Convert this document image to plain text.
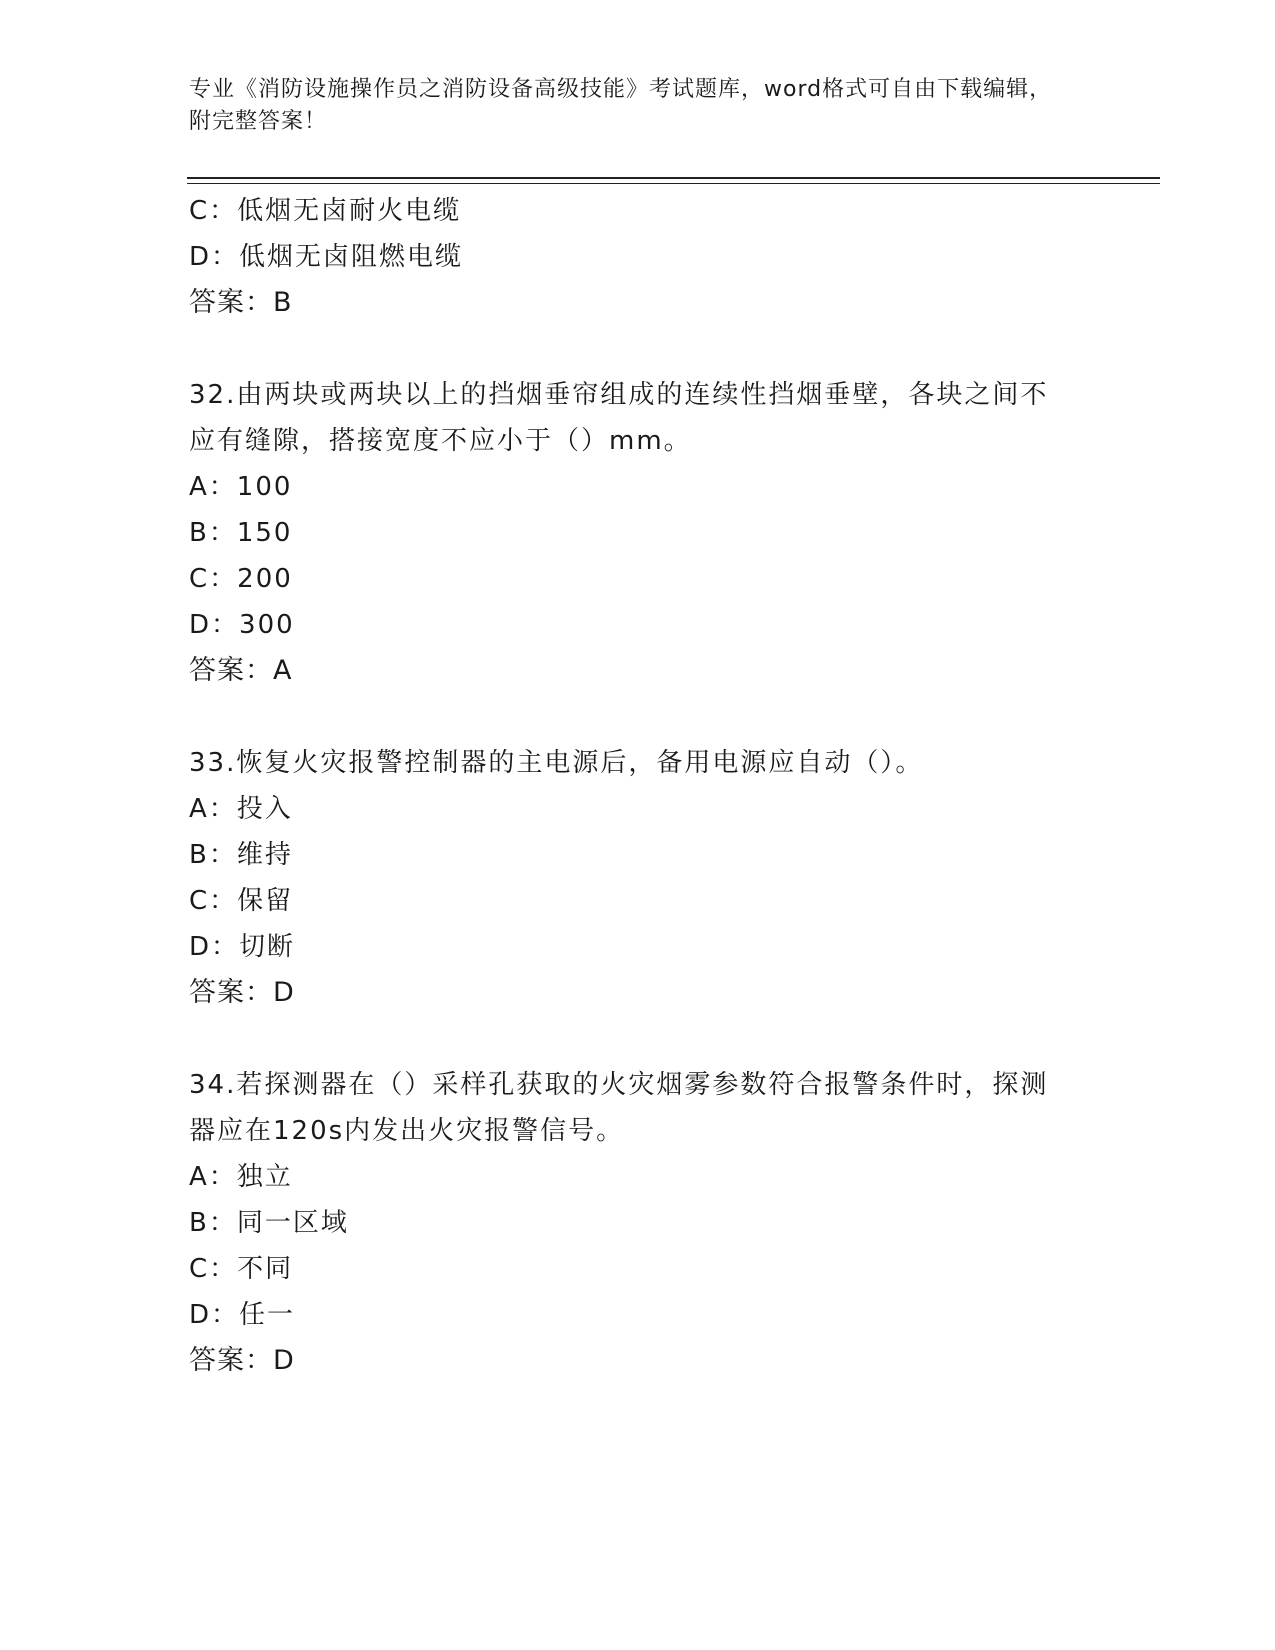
专业《消防设施操作员之消防设备高级技能》考试题库，word格式可自由下载编辑，附完整答案！
C：低烟无卤耐火电缆
D：低烟无卤阻燃电缆
答案：B
32.由两块或两块以上的挡烟垂帘组成的连续性挡烟垂壁，各块之间不
应有缝隙，搭接宽度不应小于（）mm。
A：100
B：150
C：200
D：300
答案：A
33.恢复火灾报警控制器的主电源后，备用电源应自动（）。
A：投入
B：维持
C：保留
D：切断
答案：D
34.若探测器在（）采样孔获取的火灾烟雾参数符合报警条件时，探测
器应在120s内发出火灾报警信号。
A：独立
B：同一区域
C：不同
D：任一
答案：D
